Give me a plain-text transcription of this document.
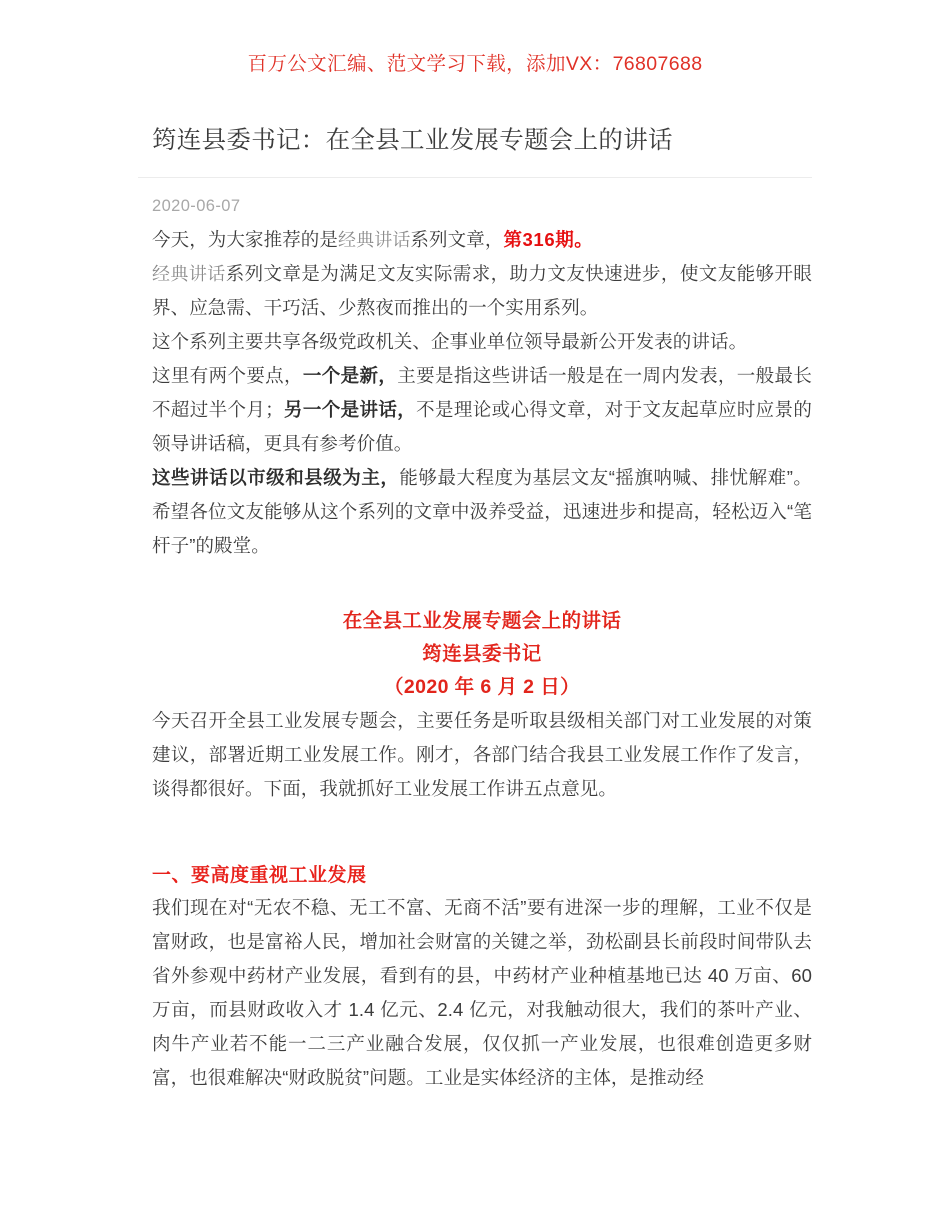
百万公文汇编、范文学习下载，添加VX：76807688
筠连县委书记：在全县工业发展专题会上的讲话
2020-06-07

今天，为大家推荐的是经典讲话系列文章，第316期。

经典讲话系列文章是为满足文友实际需求，助力文友快速进步，使文友能够开眼界、应急需、干巧活、少熬夜而推出的一个实用系列。

这个系列主要共享各级党政机关、企事业单位领导最新公开发表的讲话。

这里有两个要点，一个是新，主要是指这些讲话一般是在一周内发表，一般最长不超过半个月；另一个是讲话，不是理论或心得文章，对于文友起草应时应景的领导讲话稿，更具有参考价值。

这些讲话以市级和县级为主，能够最大程度为基层文友“摇旗呐喊、排忧解难”。希望各位文友能够从这个系列的文章中汲养受益，迅速进步和提高，轻松迈入“笔杆子”的殿堂。

在全县工业发展专题会上的讲话
筠连县委书记
（2020 年 6 月 2 日）

今天召开全县工业发展专题会，主要任务是听取县级相关部门对工业发展的对策建议，部署近期工业发展工作。刚才，各部门结合我县工业发展工作作了发言，谈得都很好。下面，我就抓好工业发展工作讲五点意见。

一、要高度重视工业发展

我们现在对“无农不稳、无工不富、无商不活”要有进深一步的理解，工业不仅是富财政，也是富裕人民，增加社会财富的关键之举，劲松副县长前段时间带队去省外参观中药材产业发展，看到有的县，中药材产业种植基地已达 40 万亩、60 万亩，而县财政收入才 1.4 亿元、2.4 亿元，对我触动很大，我们的茶叶产业、肉牛产业若不能一二三产业融合发展，仅仅抓一产业发展，也很难创造更多财富，也很难解决“财政脱贫”问题。工业是实体经济的主体，是推动经
